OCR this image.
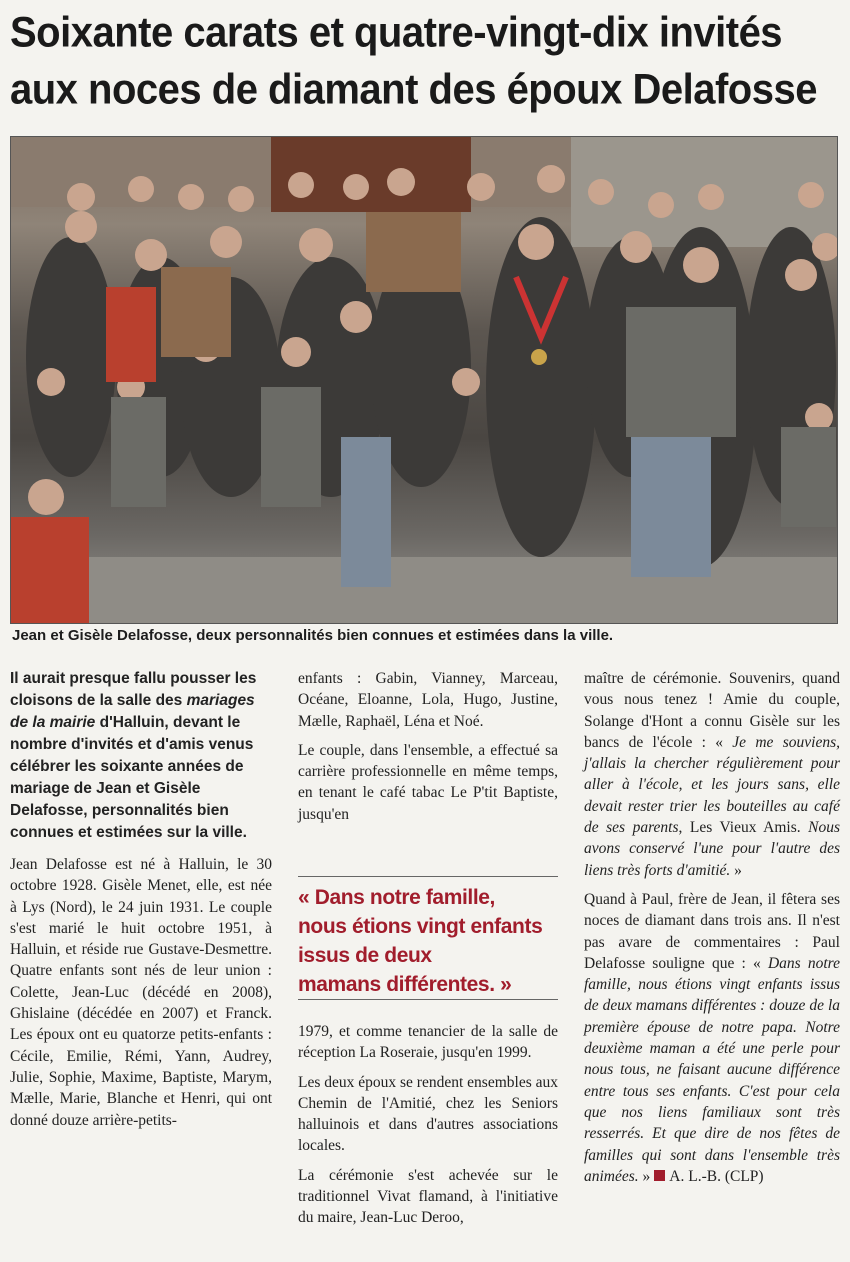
Soixante carats et quatre-vingt-dix invités
aux noces de diamant des époux Delafosse
Jean et Gisèle Delafosse, deux personnalités bien connues et estimées dans la ville.

Il aurait presque fallu pousser les cloisons de la salle des mariages de la mairie d'Halluin, devant le nombre d'invités et d'amis venus célébrer les soixante années de mariage de Jean et Gisèle Delafosse, personnalités bien connues et estimées sur la ville.

Jean Delafosse est né à Halluin, le 30 octobre 1928. Gisèle Menet, elle, est née à Lys (Nord), le 24 juin 1931. Le couple s'est marié le huit octobre 1951, à Halluin, et réside rue Gustave-Desmettre. Quatre enfants sont nés de leur union : Colette, Jean-Luc (décédé en 2008), Ghislaine (décédée en 2007) et Franck. Les époux ont eu quatorze petits-enfants : Cécile, Emilie, Rémi, Yann, Audrey, Julie, Sophie, Maxime, Baptiste, Marym, Mælle, Marie, Blanche et Henri, qui ont donné douze arrière-petits-

enfants : Gabin, Vianney, Marceau, Océane, Eloanne, Lola, Hugo, Justine, Mælle, Raphaël, Léna et Noé.

Le couple, dans l'ensemble, a effectué sa carrière professionnelle en même temps, en tenant le café tabac Le P'tit Baptiste, jusqu'en

« Dans notre famille,
nous étions vingt enfants
issus de deux
mamans différentes. »

1979, et comme tenancier de la salle de réception La Roseraie, jusqu'en 1999.

Les deux époux se rendent ensembles aux Chemin de l'Amitié, chez les Seniors halluinois et dans d'autres associations locales.

La cérémonie s'est achevée sur le traditionnel Vivat flamand, à l'initiative du maire, Jean-Luc Deroo,

maître de cérémonie. Souvenirs, quand vous nous tenez ! Amie du couple, Solange d'Hont a connu Gisèle sur les bancs de l'école : « Je me souviens, j'allais la chercher régulièrement pour aller à l'école, et les jours sans, elle devait rester trier les bouteilles au café de ses parents, Les Vieux Amis. Nous avons conservé l'une pour l'autre des liens très forts d'amitié. »

Quand à Paul, frère de Jean, il fêtera ses noces de diamant dans trois ans. Il n'est pas avare de commentaires : Paul Delafosse souligne que : « Dans notre famille, nous étions vingt enfants issus de deux mamans différentes : douze de la première épouse de notre papa. Notre deuxième maman a été une perle pour nous tous, ne faisant aucune différence entre tous ses enfants. C'est pour cela que nos liens familiaux sont très resserrés. Et que dire de nos fêtes de familles qui sont dans l'ensemble très animées. » A. L.-B. (CLP)
